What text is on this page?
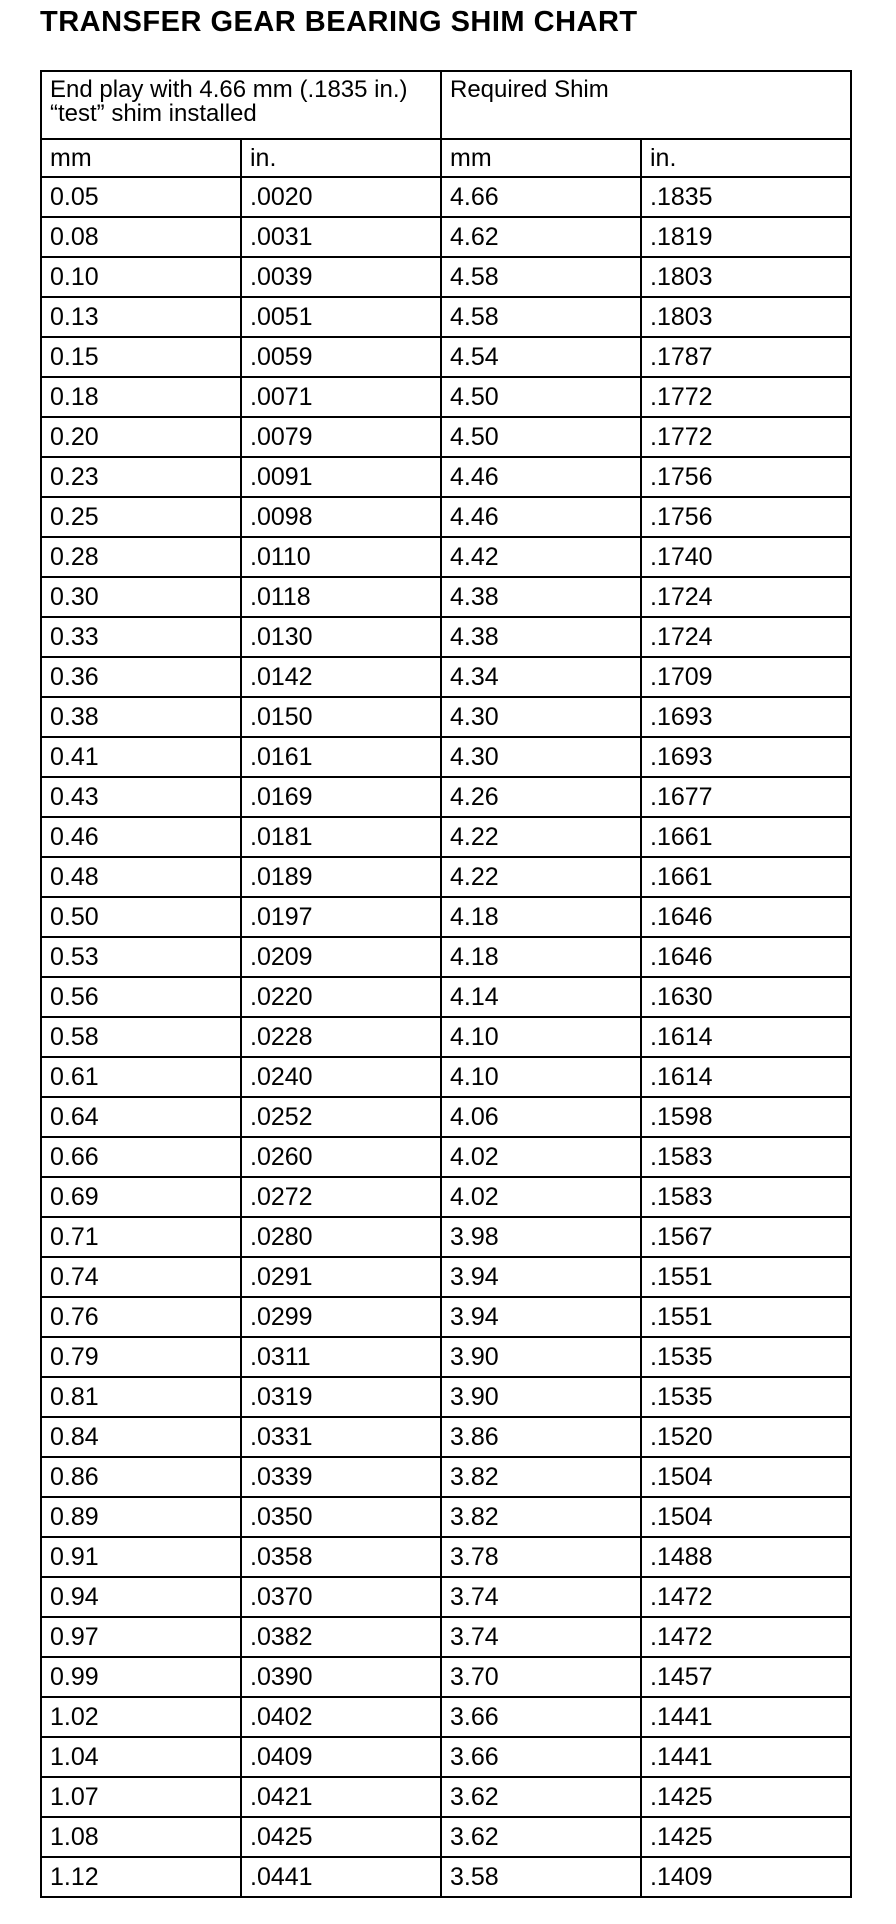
TRANSFER GEAR BEARING SHIM CHART
End play with 4.66 mm (.1835 in.) “test” shim installed		Required Shim	
mm	in.	mm	in.
0.05	.0020	4.66	.1835
0.08	.0031	4.62	.1819
0.10	.0039	4.58	.1803
0.13	.0051	4.58	.1803
0.15	.0059	4.54	.1787
0.18	.0071	4.50	.1772
0.20	.0079	4.50	.1772
0.23	.0091	4.46	.1756
0.25	.0098	4.46	.1756
0.28	.0110	4.42	.1740
0.30	.0118	4.38	.1724
0.33	.0130	4.38	.1724
0.36	.0142	4.34	.1709
0.38	.0150	4.30	.1693
0.41	.0161	4.30	.1693
0.43	.0169	4.26	.1677
0.46	.0181	4.22	.1661
0.48	.0189	4.22	.1661
0.50	.0197	4.18	.1646
0.53	.0209	4.18	.1646
0.56	.0220	4.14	.1630
0.58	.0228	4.10	.1614
0.61	.0240	4.10	.1614
0.64	.0252	4.06	.1598
0.66	.0260	4.02	.1583
0.69	.0272	4.02	.1583
0.71	.0280	3.98	.1567
0.74	.0291	3.94	.1551
0.76	.0299	3.94	.1551
0.79	.0311	3.90	.1535
0.81	.0319	3.90	.1535
0.84	.0331	3.86	.1520
0.86	.0339	3.82	.1504
0.89	.0350	3.82	.1504
0.91	.0358	3.78	.1488
0.94	.0370	3.74	.1472
0.97	.0382	3.74	.1472
0.99	.0390	3.70	.1457
1.02	.0402	3.66	.1441
1.04	.0409	3.66	.1441
1.07	.0421	3.62	.1425
1.08	.0425	3.62	.1425
1.12	.0441	3.58	.1409
